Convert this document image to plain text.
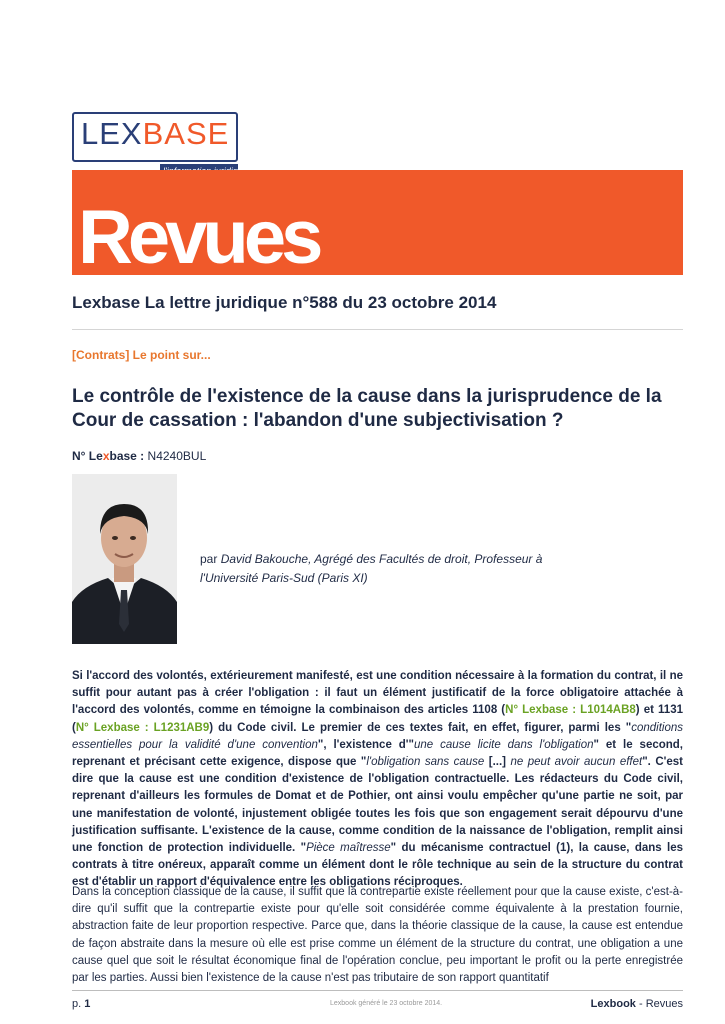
LEXBASE
Revues
Lexbase La lettre juridique n°588 du 23 octobre 2014
[Contrats] Le point sur...
Le contrôle de l'existence de la cause dans la jurisprudence de la Cour de cassation : l'abandon d'une subjectivisation ?
N° Lexbase : N4240BUL
par David Bakouche, Agrégé des Facultés de droit, Professeur à l'Université Paris-Sud (Paris XI)
Si l'accord des volontés, extérieurement manifesté, est une condition nécessaire à la formation du contrat, il ne suffit pour autant pas à créer l'obligation : il faut un élément justificatif de la force obligatoire attachée à l'accord des volontés, comme en témoigne la combinaison des articles 1108 (N° Lexbase : L1014AB8) et 1131 (N° Lexbase : L1231AB9) du Code civil. Le premier de ces textes fait, en effet, figurer, parmi les "conditions essentielles pour la validité d'une convention", l'existence d'"une cause licite dans l'obligation" et le second, reprenant et précisant cette exigence, dispose que "l'obligation sans cause [...] ne peut avoir aucun effet". C'est dire que la cause est une condition d'existence de l'obligation contractuelle. Les rédacteurs du Code civil, reprenant d'ailleurs les formules de Domat et de Pothier, ont ainsi voulu empêcher qu'une partie ne soit, par une manifestation de volonté, injustement obligée toutes les fois que son engagement serait dépourvu d'une justification suffisante. L'existence de la cause, comme condition de la naissance de l'obligation, remplit ainsi une fonction de protection individuelle. "Pièce maîtresse" du mécanisme contractuel (1), la cause, dans les contrats à titre onéreux, apparaît comme un élément dont le rôle technique au sein de la structure du contrat est d'établir un rapport d'équivalence entre les obligations réciproques.
Dans la conception classique de la cause, il suffit que la contrepartie existe réellement pour que la cause existe, c'est-à-dire qu'il suffit que la contrepartie existe pour qu'elle soit considérée comme équivalente à la prestation fournie, abstraction faite de leur proportion respective. Parce que, dans la théorie classique de la cause, la cause est entendue de façon abstraite dans la mesure où elle est prise comme un élément de la structure du contrat, une obligation a une cause quel que soit le résultat économique final de l'opération conclue, peu important le profit ou la perte enregistrée par les parties. Aussi bien l'existence de la cause n'est pas tributaire de son rapport quantitatif
p. 1	Lexbook généré le 23 octobre 2014.	Lexbook - Revues
